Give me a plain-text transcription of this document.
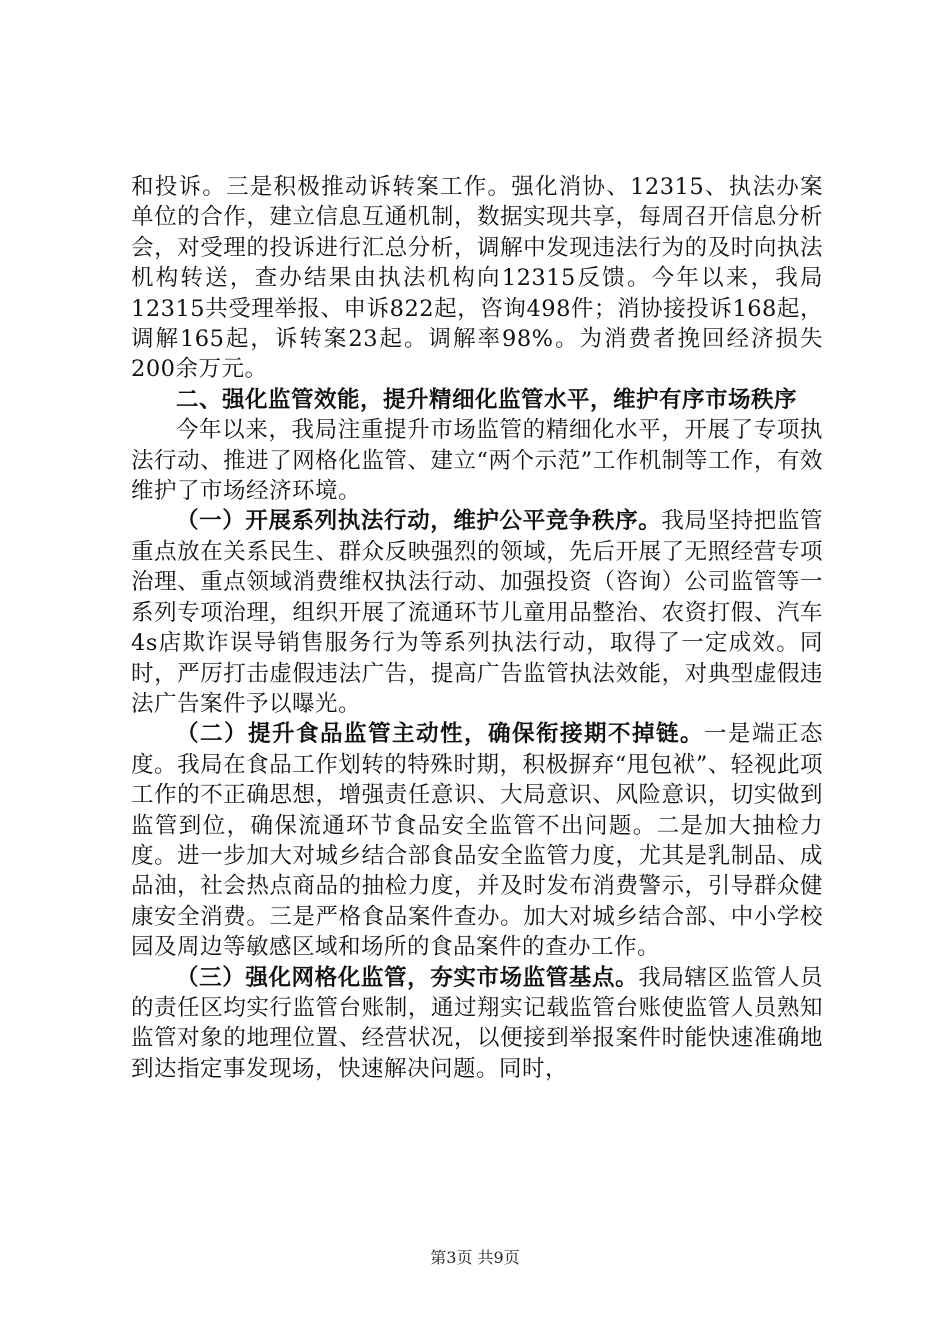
和投诉。三是积极推动诉转案工作。强化消协、12315、执法办案单位的合作，建立信息互通机制，数据实现共享，每周召开信息分析会，对受理的投诉进行汇总分析，调解中发现违法行为的及时向执法机构转送，查办结果由执法机构向12315反馈。今年以来，我局12315共受理举报、申诉822起，咨询498件；消协接投诉168起，调解165起，诉转案23起。调解率98%。为消费者挽回经济损失200余万元。

二、强化监管效能，提升精细化监管水平，维护有序市场秩序

今年以来，我局注重提升市场监管的精细化水平，开展了专项执法行动、推进了网格化监管、建立“两个示范”工作机制等工作，有效维护了市场经济环境。

（一）开展系列执法行动，维护公平竞争秩序。我局坚持把监管重点放在关系民生、群众反映强烈的领域，先后开展了无照经营专项治理、重点领域消费维权执法行动、加强投资（咨询）公司监管等一系列专项治理，组织开展了流通环节儿童用品整治、农资打假、汽车4s店欺诈误导销售服务行为等系列执法行动，取得了一定成效。同时，严厉打击虚假违法广告，提高广告监管执法效能，对典型虚假违法广告案件予以曝光。

（二）提升食品监管主动性，确保衔接期不掉链。一是端正态度。我局在食品工作划转的特殊时期，积极摒弃“甩包袱”、轻视此项工作的不正确思想，增强责任意识、大局意识、风险意识，切实做到监管到位，确保流通环节食品安全监管不出问题。二是加大抽检力度。进一步加大对城乡结合部食品安全监管力度，尤其是乳制品、成品油，社会热点商品的抽检力度，并及时发布消费警示，引导群众健康安全消费。三是严格食品案件查办。加大对城乡结合部、中小学校园及周边等敏感区域和场所的食品案件的查办工作。

（三）强化网格化监管，夯实市场监管基点。我局辖区监管人员的责任区均实行监管台账制，通过翔实记载监管台账使监管人员熟知监管对象的地理位置、经营状况，以便接到举报案件时能快速准确地到达指定事发现场，快速解决问题。同时，

第3页 共9页
